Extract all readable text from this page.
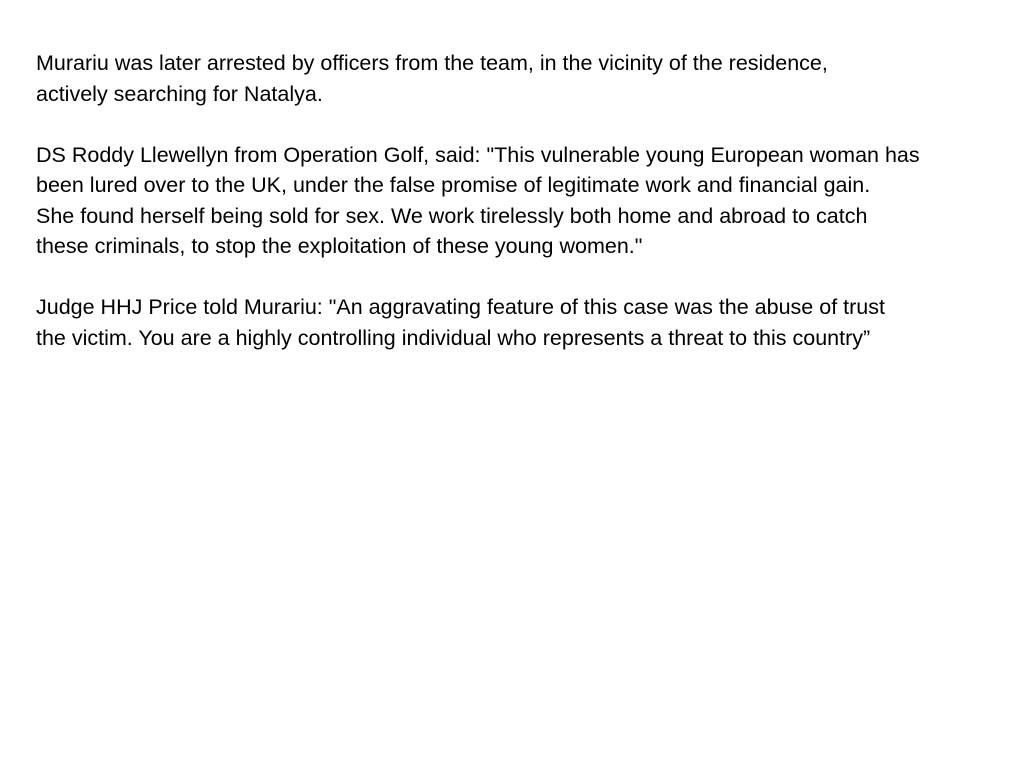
Murariu was later arrested by officers from the team, in the vicinity of the residence,
actively searching for Natalya.

DS Roddy Llewellyn from Operation Golf, said: "This vulnerable young European woman has
been lured over to the UK, under the false promise of legitimate work and financial gain.
She found herself being sold for sex. We work tirelessly both home and abroad to catch
these criminals, to stop the exploitation of these young women."

Judge HHJ Price told Murariu: "An aggravating feature of this case was the abuse of trust
the victim. You are a highly controlling individual who represents a threat to this country”
